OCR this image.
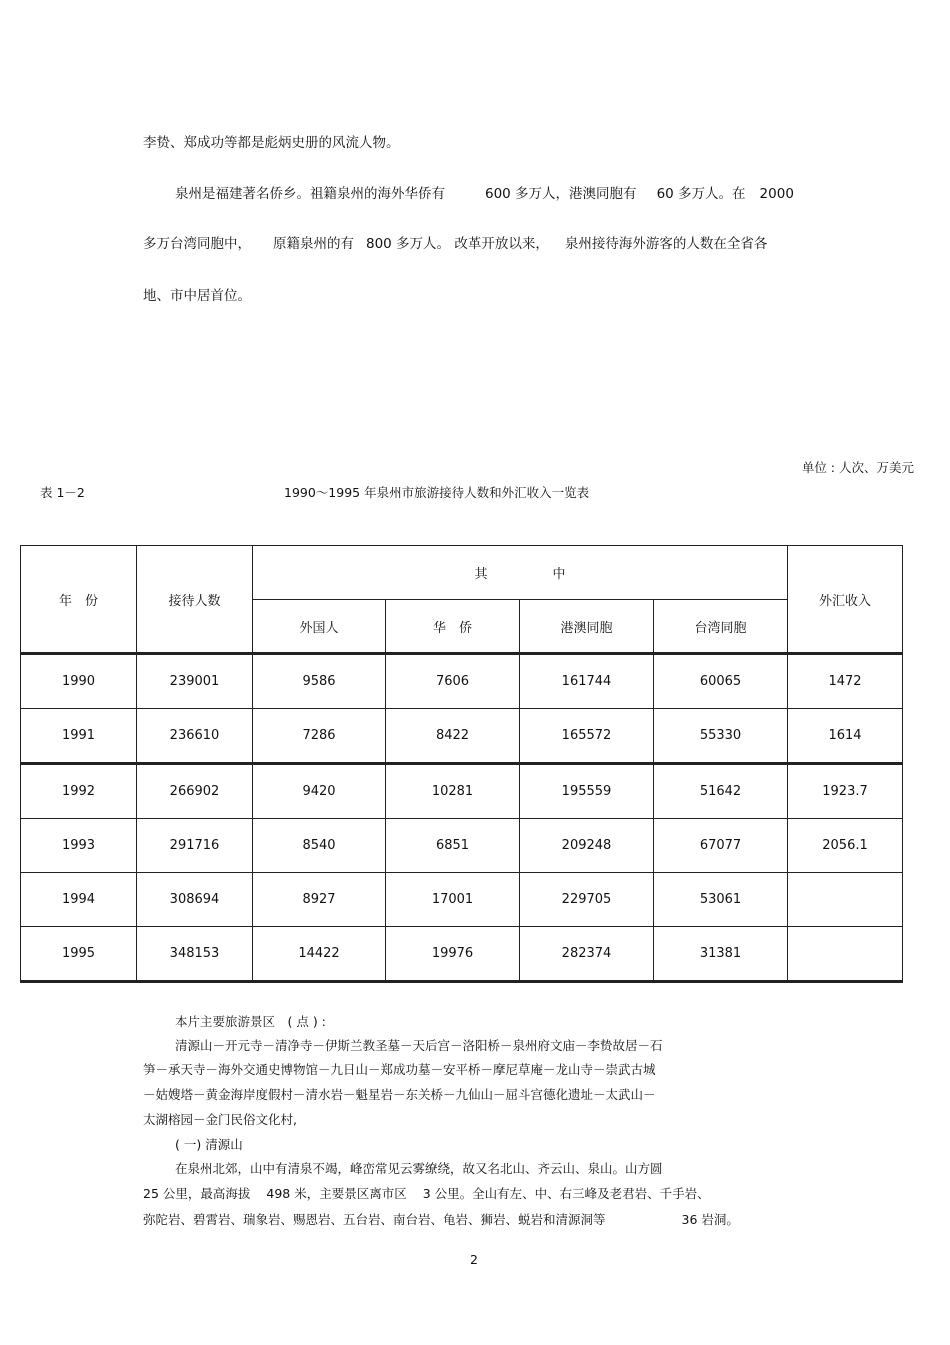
李贽、郑成功等都是彪炳史册的风流人物。
泉州是福建著名侨乡。祖籍泉州的海外华侨有	600 多万人，港澳同胞有 60 多万人。在 2000
多万台湾同胞中， 原籍泉州的有 800 多万人。 改革开放以来， 泉州接待海外游客的人数在全省各
地、市中居首位。
单位 : 人次、万美元
表 1－2	1990～1995 年泉州市旅游接待人数和外汇收入一览表
年　份	接待人数	其　　　　　中				外汇收入
		外国人	华　侨	港澳同胞	台湾同胞	
1990	239001	9586	7606	161744	60065	1472
1991	236610	7286	8422	165572	55330	1614
1992	266902	9420	10281	195559	51642	1923.7
1993	291716	8540	6851	209248	67077	2056.1
1994	308694	8927	17001	229705	53061	
1995	348153	14422	19976	282374	31381	
本片主要旅游景区　( 点 ) :
清源山－开元寺－清净寺－伊斯兰教圣墓－天后宫－洛阳桥－泉州府文庙－李贽故居－石
笋－承天寺－海外交通史博物馆－九日山－郑成功墓－安平桥－摩尼草庵－龙山寺－崇武古城
－姑嫂塔－黄金海岸度假村－清水岩－魁星岩－东关桥－九仙山－屈斗宫德化遗址－太武山－
太湖榕园－金门民俗文化村,
( 一) 清源山
在泉州北郊，山中有清泉不竭，峰峦常见云雾缭绕，故又名北山、齐云山、泉山。山方圆
25 公里，最高海拔 498 米，主要景区离市区 3 公里。全山有左、中、右三峰及老君岩、千手岩、
弥陀岩、碧霄岩、瑞象岩、赐恩岩、五台岩、南台岩、龟岩、狮岩、蜕岩和清源洞等	36 岩洞。
2
